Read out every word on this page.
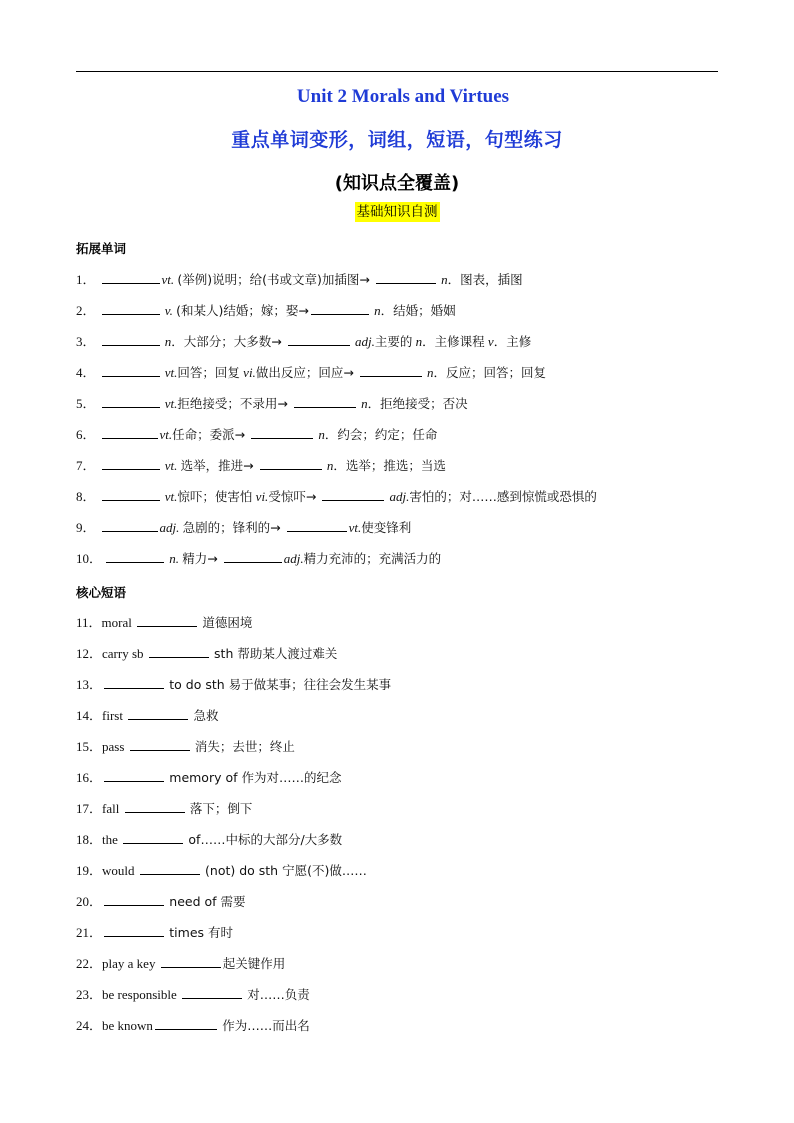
Unit 2 Morals and Virtues
重点单词变形，词组，短语，句型练习
(知识点全覆盖)
基础知识自测
拓展单词
1．	vt. (举例)说明；给(书或文章)加插图→	n．图表，插图
2．	v. (和某人)结婚；嫁；娶→	n．结婚；婚姻
3．	n．大部分；大多数→	adj.主要的 n．主修课程 v．主修
4．	vt.回答；回复 vi.做出反应；回应→	n．反应；回答；回复
5．	vt.拒绝接受；不录用→	n．拒绝接受；否决
6．	vt.任命；委派→	n．约会；约定；任命
7．	vt. 选举，推进→	n．选举；推选；当选
8．	vt.惊吓；使害怕 vi.受惊吓→	adj.害怕的；对……感到惊慌或恐惧的
9．	adj. 急剧的；锋利的→	vt.使变锋利
10．	n. 精力→	adj.精力充沛的；充满活力的
核心短语
11．moral	道德困境
12．carry sb	sth 帮助某人渡过难关
13．	to do sth 易于做某事；往往会发生某事
14．first	急救
15．pass	消失；去世；终止
16．	memory of 作为对……的纪念
17．fall	落下；倒下
18．the	of……中标的大部分/大多数
19．would	(not) do sth 宁愿(不)做……
20．	need of 需要
21．	times 有时
22．play a key	起关键作用
23．be responsible	对……负责
24．be known	作为……而出名
